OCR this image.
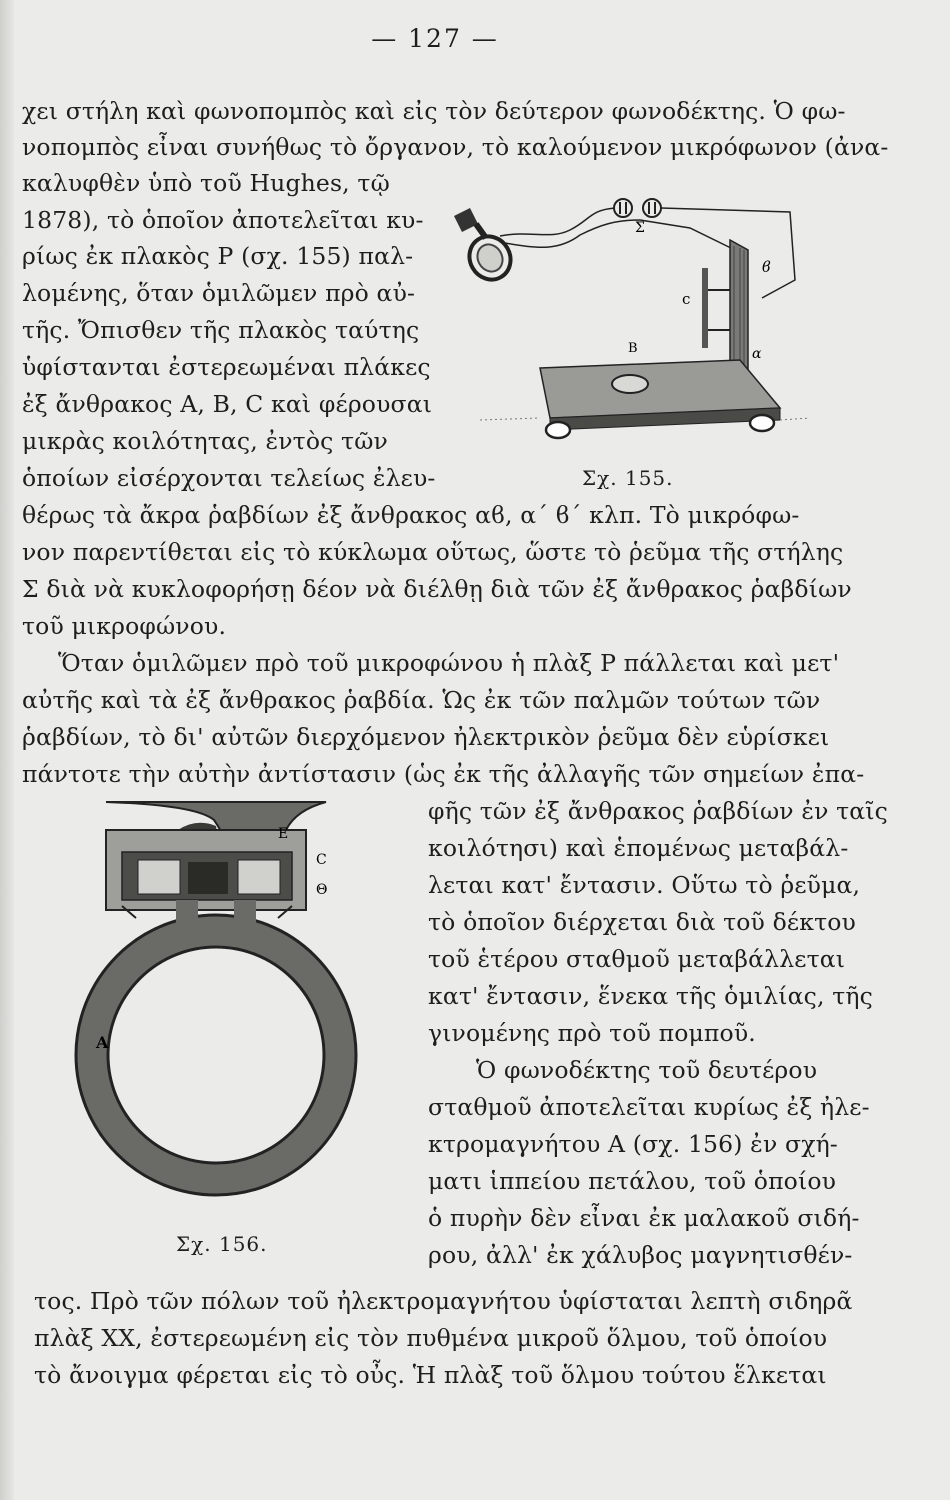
— 127 —
χει στήλη καὶ φωνοπομπὸς καὶ εἰς τὸν δεύτερον φωνοδέκτης. Ὁ φω-
νοπομπὸς εἶναι συνήθως τὸ ὄργανον, τὸ καλούμενον μικρόφωνον (ἀνα-
καλυφθὲν ὑπὸ τοῦ Hughes, τῷ
1878), τὸ ὁποῖον ἀποτελεῖται κυ-
ρίως ἐκ πλακὸς Ρ (σχ. 155) παλ-
λομένης, ὅταν ὁμιλῶμεν πρὸ αὐ-
τῆς. Ὄπισθεν τῆς πλακὸς ταύτης
ὑφίστανται ἐστερεωμέναι πλάκες
ἐξ ἄνθρακος Α, Β, C καὶ φέρουσαι
μικρὰς κοιλότητας, ἐντὸς τῶν
ὁποίων εἰσέρχονται τελείως ἐλευ-
θέρως τὰ ἄκρα ῥαβδίων ἐξ ἄνθρακος αϐ, α΄ ϐ΄ κλπ. Τὸ μικρόφω-
νον παρεντίθεται εἰς τὸ κύκλωμα οὕτως, ὥστε τὸ ῥεῦμα τῆς στήλης
Σ διὰ νὰ κυκλοφορήσῃ δέον νὰ διέλθῃ διὰ τῶν ἐξ ἄνθρακος ῥαβδίων
τοῦ μικροφώνου.
Ὅταν ὁμιλῶμεν πρὸ τοῦ μικροφώνου ἡ πλὰξ Ρ πάλλεται καὶ μετ'
αὐτῆς καὶ τὰ ἐξ ἄνθρακος ῥαβδία. Ὡς ἐκ τῶν παλμῶν τούτων τῶν
ῥαβδίων, τὸ δι' αὐτῶν διερχόμενον ἠλεκτρικὸν ῥεῦμα δὲν εὑρίσκει
πάντοτε τὴν αὐτὴν ἀντίστασιν (ὡς ἐκ τῆς ἀλλαγῆς τῶν σημείων ἐπα-
φῆς τῶν ἐξ ἄνθρακος ῥαβδίων ἐν ταῖς
κοιλότησι) καὶ ἑπομένως μεταβάλ-
λεται κατ' ἔντασιν. Οὕτω τὸ ῥεῦμα,
τὸ ὁποῖον διέρχεται διὰ τοῦ δέκτου
τοῦ ἑτέρου σταθμοῦ μεταβάλλεται
κατ' ἔντασιν, ἕνεκα τῆς ὁμιλίας, τῆς
γινομένης πρὸ τοῦ πομποῦ.
Ὁ φωνοδέκτης τοῦ δευτέρου
σταθμοῦ ἀποτελεῖται κυρίως ἐξ ἠλε-
κτρομαγνήτου Α (σχ. 156) ἐν σχή-
ματι ἱππείου πετάλου, τοῦ ὁποίου
ὁ πυρὴν δὲν εἶναι ἐκ μαλακοῦ σιδή-
ρου, ἀλλ' ἐκ χάλυβος μαγνητισθέν-
τος. Πρὸ τῶν πόλων τοῦ ἠλεκτρομαγνήτου ὑφίσταται λεπτὴ σιδηρᾶ
πλὰξ XX, ἐστερεωμένη εἰς τὸν πυθμένα μικροῦ ὅλμου, τοῦ ὁποίου
τὸ ἄνοιγμα φέρεται εἰς τὸ οὖς. Ἡ πλὰξ τοῦ ὅλμου τούτου ἕλκεται
Σ
ϐ
c
B	α
Σχ. 155.
E
C
Θ
A
Σχ. 156.
